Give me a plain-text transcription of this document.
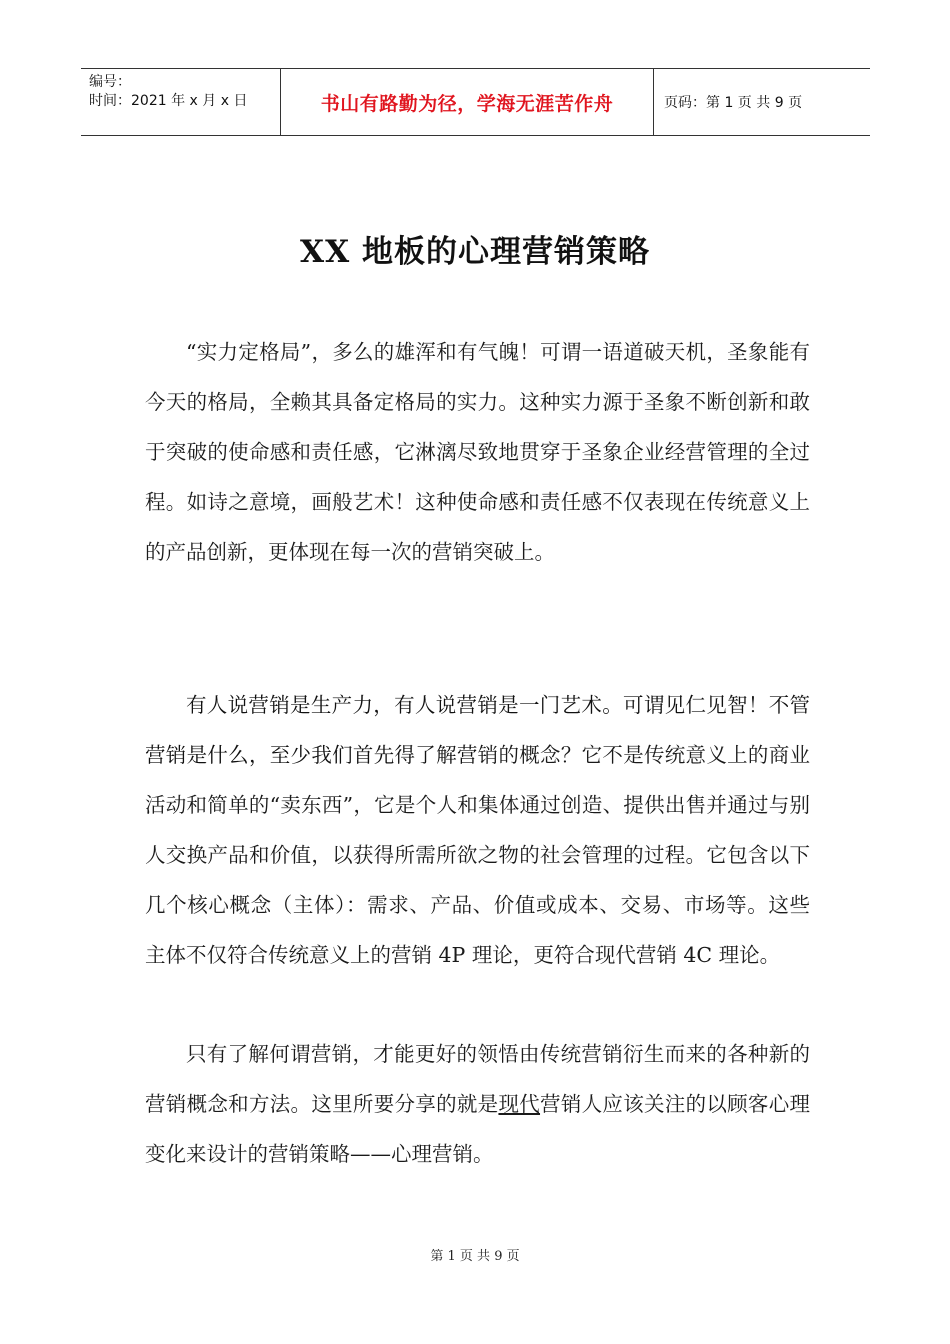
编号：
时间：2021 年 x 月 x 日	书山有路勤为径，学海无涯苦作舟	页码：第 1 页 共 9 页
XX 地板的心理营销策略

“实力定格局”，多么的雄浑和有气魄！可谓一语道破天机，圣象能有今天的格局，全赖其具备定格局的实力。这种实力源于圣象不断创新和敢于突破的使命感和责任感，它淋漓尽致地贯穿于圣象企业经营管理的全过程。如诗之意境，画般艺术！这种使命感和责任感不仅表现在传统意义上的产品创新，更体现在每一次的营销突破上。

有人说营销是生产力，有人说营销是一门艺术。可谓见仁见智！不管营销是什么，至少我们首先得了解营销的概念？它不是传统意义上的商业活动和简单的“卖东西”，它是个人和集体通过创造、提供出售并通过与别人交换产品和价值，以获得所需所欲之物的社会管理的过程。它包含以下几个核心概念（主体）：需求、产品、价值或成本、交易、市场等。这些主体不仅符合传统意义上的营销 4P 理论，更符合现代营销 4C 理论。

只有了解何谓营销，才能更好的领悟由传统营销衍生而来的各种新的营销概念和方法。这里所要分享的就是现代营销人应该关注的以顾客心理变化来设计的营销策略——心理营销。

第 1 页 共 9 页
